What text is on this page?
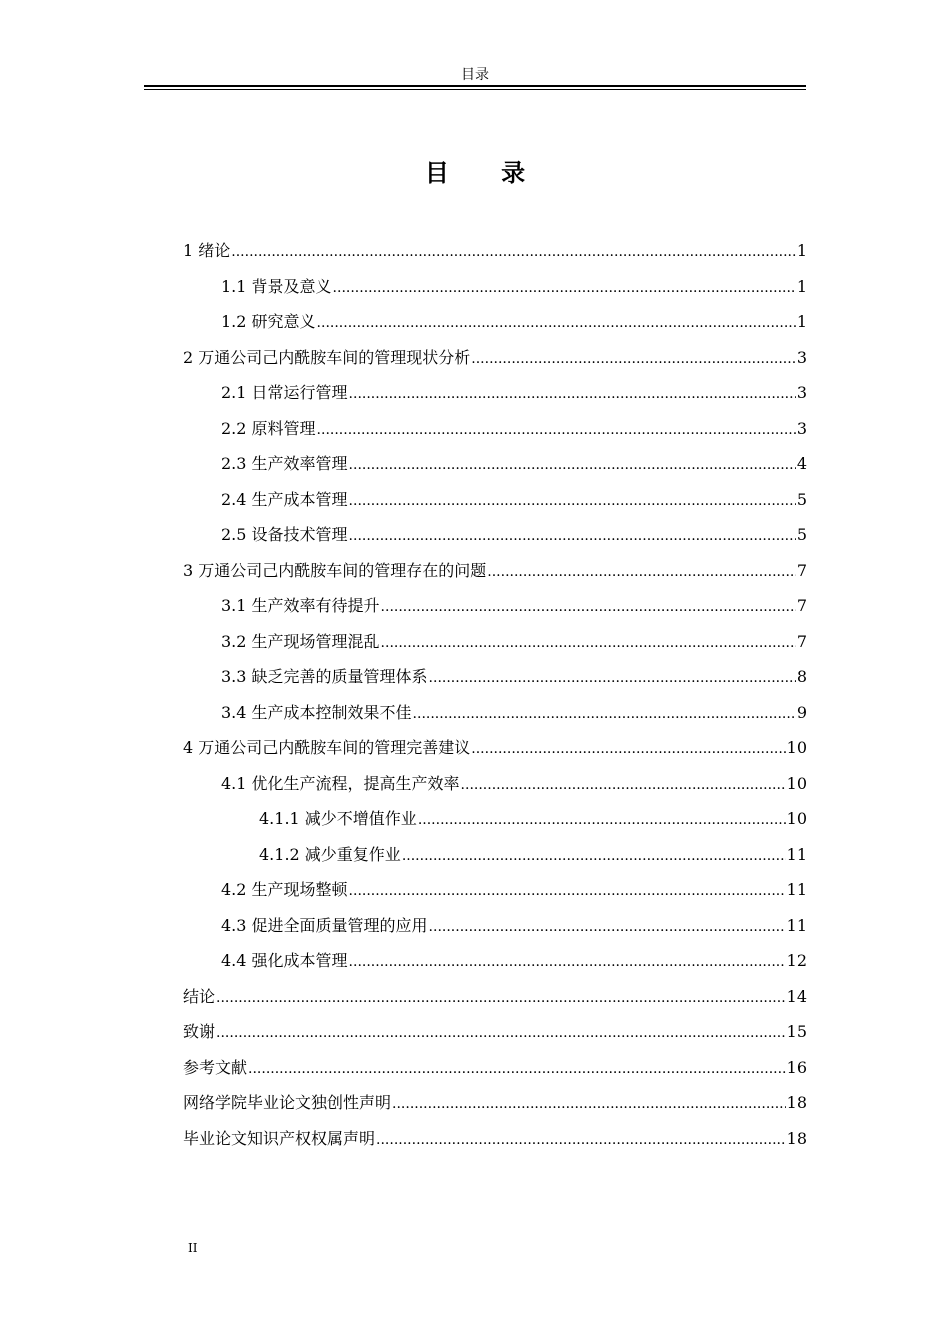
目录
目 录
1 绪论 .....	1
1.1 背景及意义 .....	1
1.2 研究意义 .....	1
2 万通公司己内酰胺车间的管理现状分析 .....	3
2.1 日常运行管理 .....	3
2.2 原料管理 .....	3
2.3 生产效率管理 .....	4
2.4 生产成本管理 .....	5
2.5 设备技术管理 .....	5
3 万通公司己内酰胺车间的管理存在的问题 .....	7
3.1 生产效率有待提升 .....	7
3.2 生产现场管理混乱 .....	7
3.3 缺乏完善的质量管理体系 .....	8
3.4 生产成本控制效果不佳 .....	9
4 万通公司己内酰胺车间的管理完善建议 .....	10
4.1 优化生产流程，提高生产效率 .....	10
4.1.1 减少不增值作业 .....	10
4.1.2 减少重复作业 .....	11
4.2 生产现场整顿 .....	11
4.3 促进全面质量管理的应用 .....	11
4.4 强化成本管理 .....	12
结论 .....	14
致谢 .....	15
参考文献 .....	16
网络学院毕业论文独创性声明 .....	18
毕业论文知识产权权属声明 .....	18
II
